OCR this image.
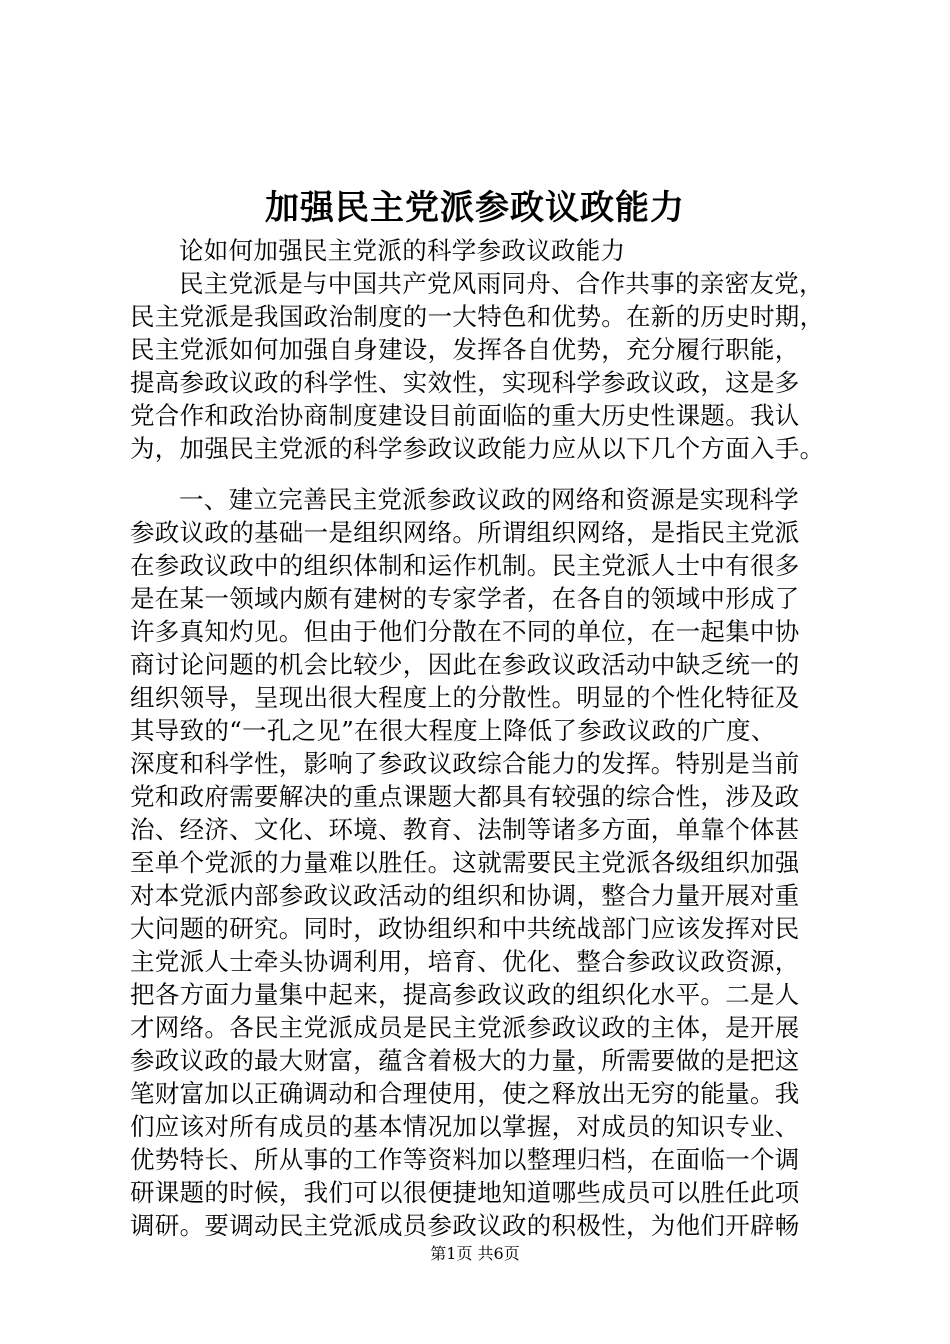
加强民主党派参政议政能力
论如何加强民主党派的科学参政议政能力
民主党派是与中国共产党风雨同舟、合作共事的亲密友党，
民主党派是我国政治制度的一大特色和优势。在新的历史时期，
民主党派如何加强自身建设，发挥各自优势，充分履行职能，
提高参政议政的科学性、实效性，实现科学参政议政，这是多
党合作和政治协商制度建设目前面临的重大历史性课题。我认
为，加强民主党派的科学参政议政能力应从以下几个方面入手。
一、建立完善民主党派参政议政的网络和资源是实现科学
参政议政的基础一是组织网络。所谓组织网络，是指民主党派
在参政议政中的组织体制和运作机制。民主党派人士中有很多
是在某一领域内颇有建树的专家学者，在各自的领域中形成了
许多真知灼见。但由于他们分散在不同的单位，在一起集中协
商讨论问题的机会比较少，因此在参政议政活动中缺乏统一的
组织领导，呈现出很大程度上的分散性。明显的个性化特征及
其导致的“一孔之见”在很大程度上降低了参政议政的广度、
深度和科学性，影响了参政议政综合能力的发挥。特别是当前
党和政府需要解决的重点课题大都具有较强的综合性，涉及政
治、经济、文化、环境、教育、法制等诸多方面，单靠个体甚
至单个党派的力量难以胜任。这就需要民主党派各级组织加强
对本党派内部参政议政活动的组织和协调，整合力量开展对重
大问题的研究。同时，政协组织和中共统战部门应该发挥对民
主党派人士牵头协调利用，培育、优化、整合参政议政资源，
把各方面力量集中起来，提高参政议政的组织化水平。二是人
才网络。各民主党派成员是民主党派参政议政的主体，是开展
参政议政的最大财富，蕴含着极大的力量，所需要做的是把这
笔财富加以正确调动和合理使用，使之释放出无穷的能量。我
们应该对所有成员的基本情况加以掌握，对成员的知识专业、
优势特长、所从事的工作等资料加以整理归档，在面临一个调
研课题的时候，我们可以很便捷地知道哪些成员可以胜任此项
调研。要调动民主党派成员参政议政的积极性，为他们开辟畅
第1页 共6页
